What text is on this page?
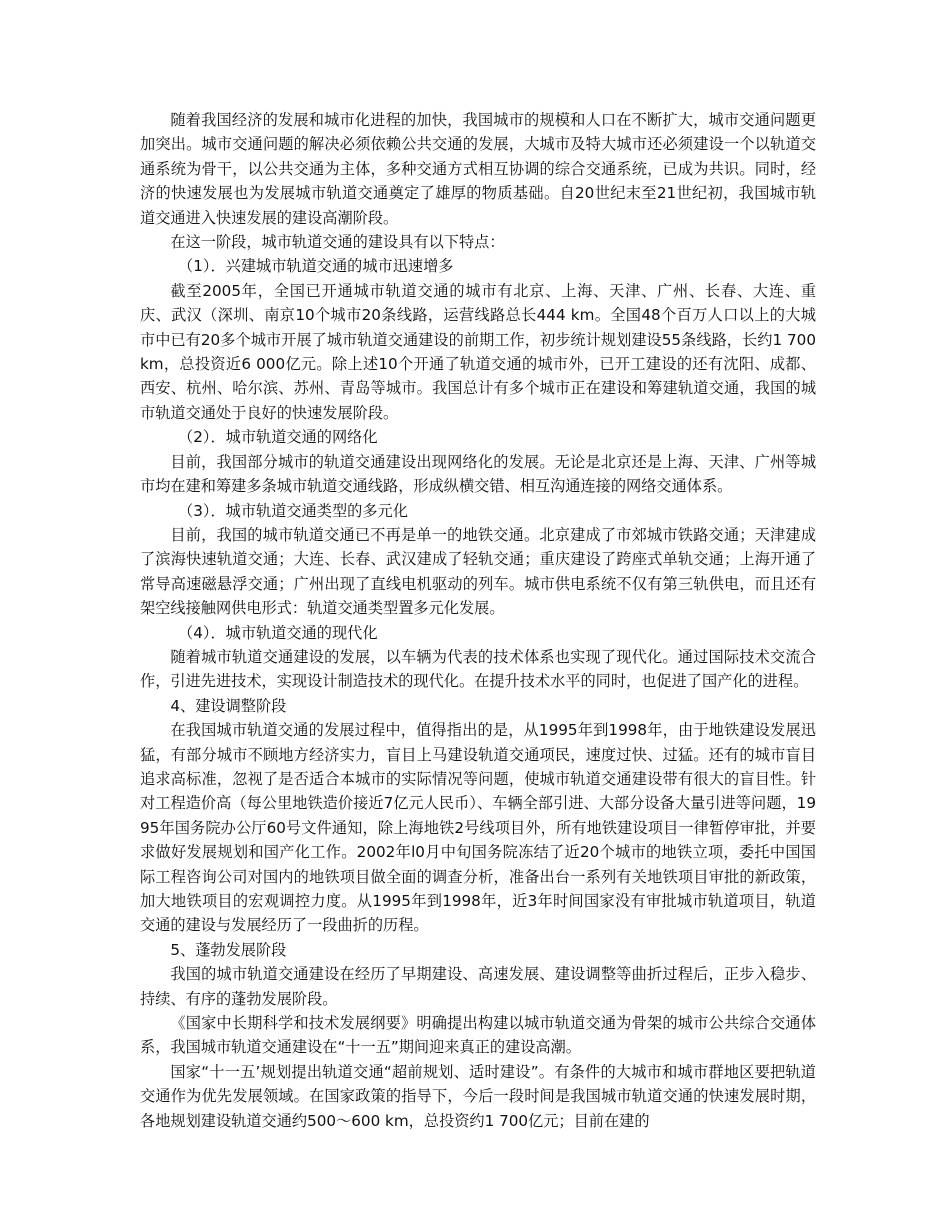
随着我国经济的发展和城市化进程的加快，我国城市的规模和人口在不断扩大，城市交通问题更加突出。城市交通问题的解决必须依赖公共交通的发展，大城市及特大城市还必须建设一个以轨道交通系统为骨干，以公共交通为主体，多种交通方式相互协调的综合交通系统，已成为共识。同时，经济的快速发展也为发展城市轨道交通奠定了雄厚的物质基础。自20世纪末至21世纪初，我国城市轨道交通进入快速发展的建设高潮阶段。

在这一阶段，城市轨道交通的建设具有以下特点：

（1）．兴建城市轨道交通的城市迅速增多

截至2005年，全国已开通城市轨道交通的城市有北京、上海、天津、广州、长春、大连、重庆、武汉（深圳、南京10个城市20条线路，运营线路总长444 km。全国48个百万人口以上的大城市中已有20多个城市开展了城市轨道交通建设的前期工作，初步统计规划建设55条线路，长约1 700 km，总投资近6 000亿元。除上述10个开通了轨道交通的城市外，已开工建设的还有沈阳、成都、西安、杭州、哈尔滨、苏州、青岛等城市。我国总计有多个城市正在建设和筹建轨道交通，我国的城市轨道交通处于良好的快速发展阶段。

（2）．城市轨道交通的网络化

目前，我国部分城市的轨道交通建设出现网络化的发展。无论是北京还是上海、天津、广州等城市均在建和筹建多条城市轨道交通线路，形成纵横交错、相互沟通连接的网络交通体系。

（3）．城市轨道交通类型的多元化

目前，我国的城市轨道交通已不再是单一的地铁交通。北京建成了市郊城市铁路交通；天津建成了滨海快速轨道交通；大连、长春、武汉建成了轻轨交通；重庆建设了跨座式单轨交通；上海开通了常导高速磁悬浮交通；广州出现了直线电机驱动的列车。城市供电系统不仅有第三轨供电，而且还有架空线接触网供电形式：轨道交通类型置多元化发展。

（4）．城市轨道交通的现代化

随着城市轨道交通建设的发展，以车辆为代表的技术体系也实现了现代化。通过国际技术交流合作，引进先进技术，实现设计制造技术的现代化。在提升技术水平的同时，也促进了国产化的进程。

4、建设调整阶段

在我国城市轨道交通的发展过程中，值得指出的是，从1995年到1998年，由于地铁建设发展迅猛，有部分城市不顾地方经济实力，盲目上马建设轨道交通项民，速度过快、过猛。还有的城市盲目追求高标准，忽视了是否适合本城市的实际情况等问题，使城市轨道交通建设带有很大的盲目性。针对工程造价高（每公里地铁造价接近7亿元人民币）、车辆全部引进、大部分设备大量引进等问题，1995年国务院办公厅60号文件通知，除上海地铁2号线项目外，所有地铁建设项目一律暂停审批，并要求做好发展规划和国产化工作。2002年l0月中旬国务院冻结了近20个城市的地铁立项，委托中国国际工程咨询公司对国内的地铁项目做全面的调查分析，准备出台一系列有关地铁项目审批的新政策，加大地铁项目的宏观调控力度。从1995年到1998年，近3年时间国家没有审批城市轨道项目，轨道交通的建设与发展经历了一段曲折的历程。

5、蓬勃发展阶段

我国的城市轨道交通建设在经历了早期建设、高速发展、建设调整等曲折过程后，正步入稳步、持续、有序的蓬勃发展阶段。

《国家中长期科学和技术发展纲要》明确提出构建以城市轨道交通为骨架的城市公共综合交通体系，我国城市轨道交通建设在“十一五”期间迎来真正的建设高潮。

国家“十一五’规划提出轨道交通“超前规划、适时建设”。有条件的大城市和城市群地区要把轨道交通作为优先发展领域。在国家政策的指导下，今后一段时间是我国城市轨道交通的快速发展时期，各地规划建设轨道交通约500～600 km，总投资约1 700亿元；目前在建的
